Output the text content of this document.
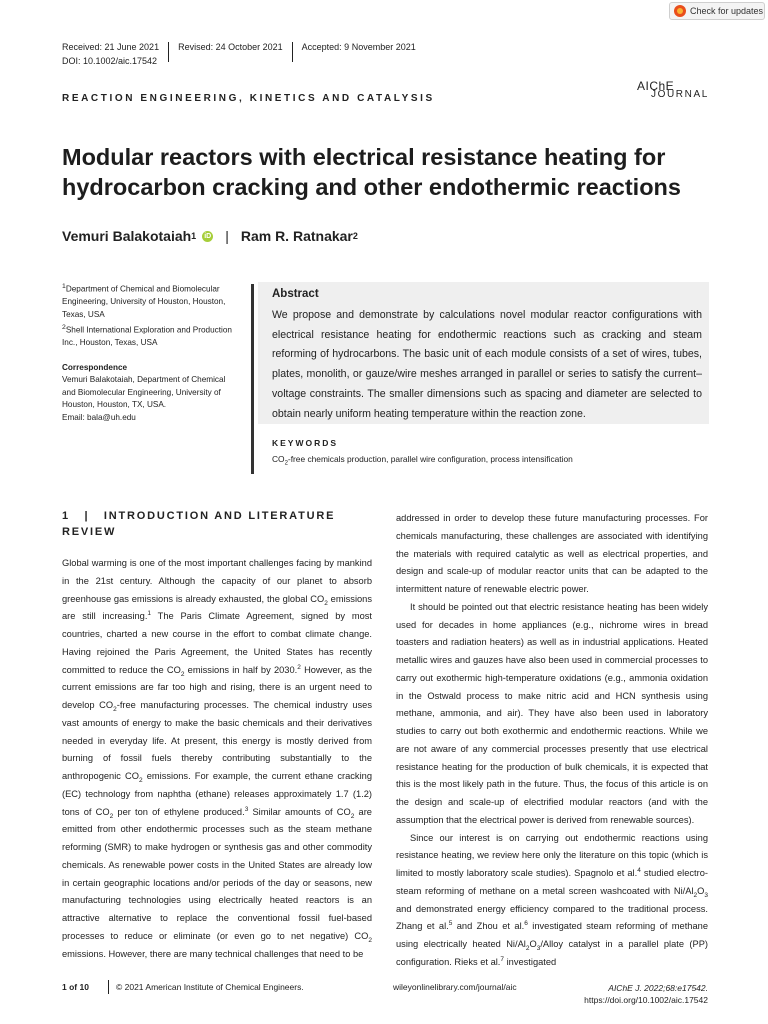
Check for updates
Received: 21 June 2021 Revised: 24 October 2021 Accepted: 9 November 2021
DOI: 10.1002/aic.17542
REACTION ENGINEERING, KINETICS AND CATALYSIS
AIChE
JOURNAL
Modular reactors with electrical resistance heating for
hydrocarbon cracking and other endothermic reactions
Vemuri Balakotaiah 1 iD | Ram R. Ratnakar 2
$^1$Department of Chemical and Biomolecular Engineering, University of Houston, Houston, Texas, USA
$^2$Shell International Exploration and Production Inc., Houston, Texas, USA
Correspondence
Vemuri Balakotaiah, Department of Chemical
and Biomolecular Engineering, University of
Houston, Houston, TX, USA.
Email: bala@uh.edu
Abstract
We propose and demonstrate by calculations novel modular reactor configurations with electrical resistance heating for endothermic reactions such as cracking and steam reforming of hydrocarbons. The basic unit of each module consists of a set of wires, tubes, plates, monolith, or gauze/wire meshes arranged in parallel or series to satisfy the current–voltage constraints. The smaller dimensions such as spacing and diameter are selected to obtain nearly uniform heating temperature within the reaction zone.
KEYWORDS
$CO_2$-free chemicals production, parallel wire configuration, process intensification
1   |   INTRODUCTION AND LITERATURE
REVIEW

Global warming is one of the most important challenges facing by mankind in the 21st century. Although the capacity of our planet to absorb greenhouse gas emissions is already exhausted, the global $CO_2$ emissions are still increasing.$^1$ The Paris Climate Agreement, signed by most countries, charted a new course in the effort to combat climate change. Having rejoined the Paris Agreement, the United States has recently committed to reduce the $CO_2$ emissions in half by 2030.$^2$ However, as the current emissions are far too high and rising, there is an urgent need to develop $CO_2$-free manufacturing processes. The chemical industry uses vast amounts of energy to make the basic chemicals and their derivatives needed in everyday life. At present, this energy is mostly derived from burning of fossil fuels thereby contributing substantially to the anthropogenic $CO_2$ emissions. For example, the current ethane cracking (EC) technology from naphtha (ethane) releases approximately 1.7 (1.2) tons of $CO_2$ per ton of ethylene produced.$^3$ Similar amounts of $CO_2$ are emitted from other endothermic processes such as the steam methane reforming (SMR) to make hydrogen or synthesis gas and other commodity chemicals. As renewable power costs in the United States are already low in certain geographic locations and/or periods of the day or seasons, new manufacturing technologies using electrically heated reactors is an attractive alternative to replace the conventional fossil fuel-based processes to reduce or eliminate (or even go to net negative) $CO_2$ emissions. However, there are many technical challenges that need to be

addressed in order to develop these future manufacturing processes. For chemicals manufacturing, these challenges are associated with identifying the materials with required catalytic as well as electrical properties, and design and scale-up of modular reactor units that can be adapted to the intermittent nature of renewable electric power.

It should be pointed out that electric resistance heating has been widely used for decades in home appliances (e.g., nichrome wires in bread toasters and radiation heaters) as well as in industrial applications. Heated metallic wires and gauzes have also been used in commercial processes to carry out exothermic high-temperature oxidations (e.g., ammonia oxidation in the Ostwald process to make nitric acid and HCN synthesis using methane, ammonia, and air). They have also been used in laboratory studies to carry out both exothermic and endothermic reactions. While we are not aware of any commercial processes presently that use electrical resistance heating for the production of bulk chemicals, it is expected that this is the most likely path in the future. Thus, the focus of this article is on the design and scale-up of electrified modular reactors (and with the assumption that the electrical power is derived from renewable sources).

Since our interest is on carrying out endothermic reactions using resistance heating, we review here only the literature on this topic (which is limited to mostly laboratory scale studies). Spagnolo et al.$^4$ studied electro-steam reforming of methane on a metal screen washcoated with $Ni/Al_2O_3$ and demonstrated energy efficiency compared to the traditional process. Zhang et al.$^5$ and Zhou et al.$^6$ investigated steam reforming of methane using electrically heated $Ni/Al_2O_3$/Alloy catalyst in a parallel plate (PP) configuration. Rieks et al.$^7$ investigated

1 of 10	© 2021 American Institute of Chemical Engineers.	wileyonlinelibrary.com/journal/aic	AIChE J. 2022;68:e17542.
https://doi.org/10.1002/aic.17542
